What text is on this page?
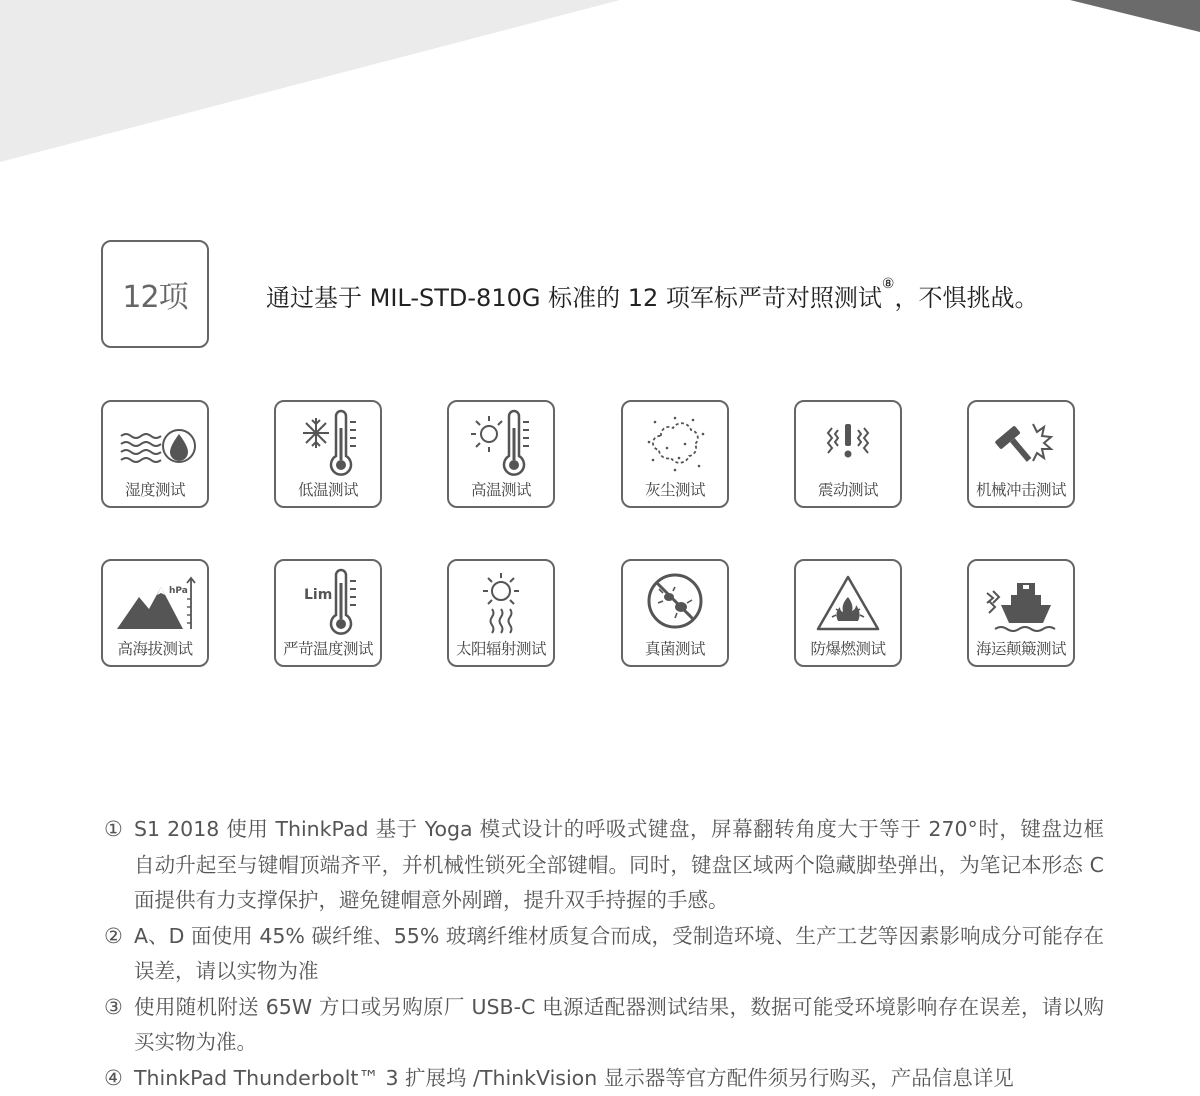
12项	通过基于 MIL-STD-810G 标准的 12 项军标严苛对照测试⑧，不惧挑战。
湿度测试	低温测试	高温测试	灰尘测试	震动测试	机械冲击测试
hPa
高海拔测试
Lim
严苛温度测试	太阳辐射测试	真菌测试	防爆燃测试	海运颠簸测试
① S1 2018 使用 ThinkPad 基于 Yoga 模式设计的呼吸式键盘，屏幕翻转角度大于等于 270°时，键盘边框自动升起至与键帽顶端齐平，并机械性锁死全部键帽。同时，键盘区域两个隐藏脚垫弹出，为笔记本形态 C 面提供有力支撑保护，避免键帽意外剐蹭，提升双手持握的手感。
② A、D 面使用 45% 碳纤维、55% 玻璃纤维材质复合而成，受制造环境、生产工艺等因素影响成分可能存在误差，请以实物为准
③ 使用随机附送 65W 方口或另购原厂 USB-C 电源适配器测试结果，数据可能受环境影响存在误差，请以购买实物为准。
④ ThinkPad Thunderbolt™ 3 扩展坞 /ThinkVision 显示器等官方配件须另行购买，产品信息详见
